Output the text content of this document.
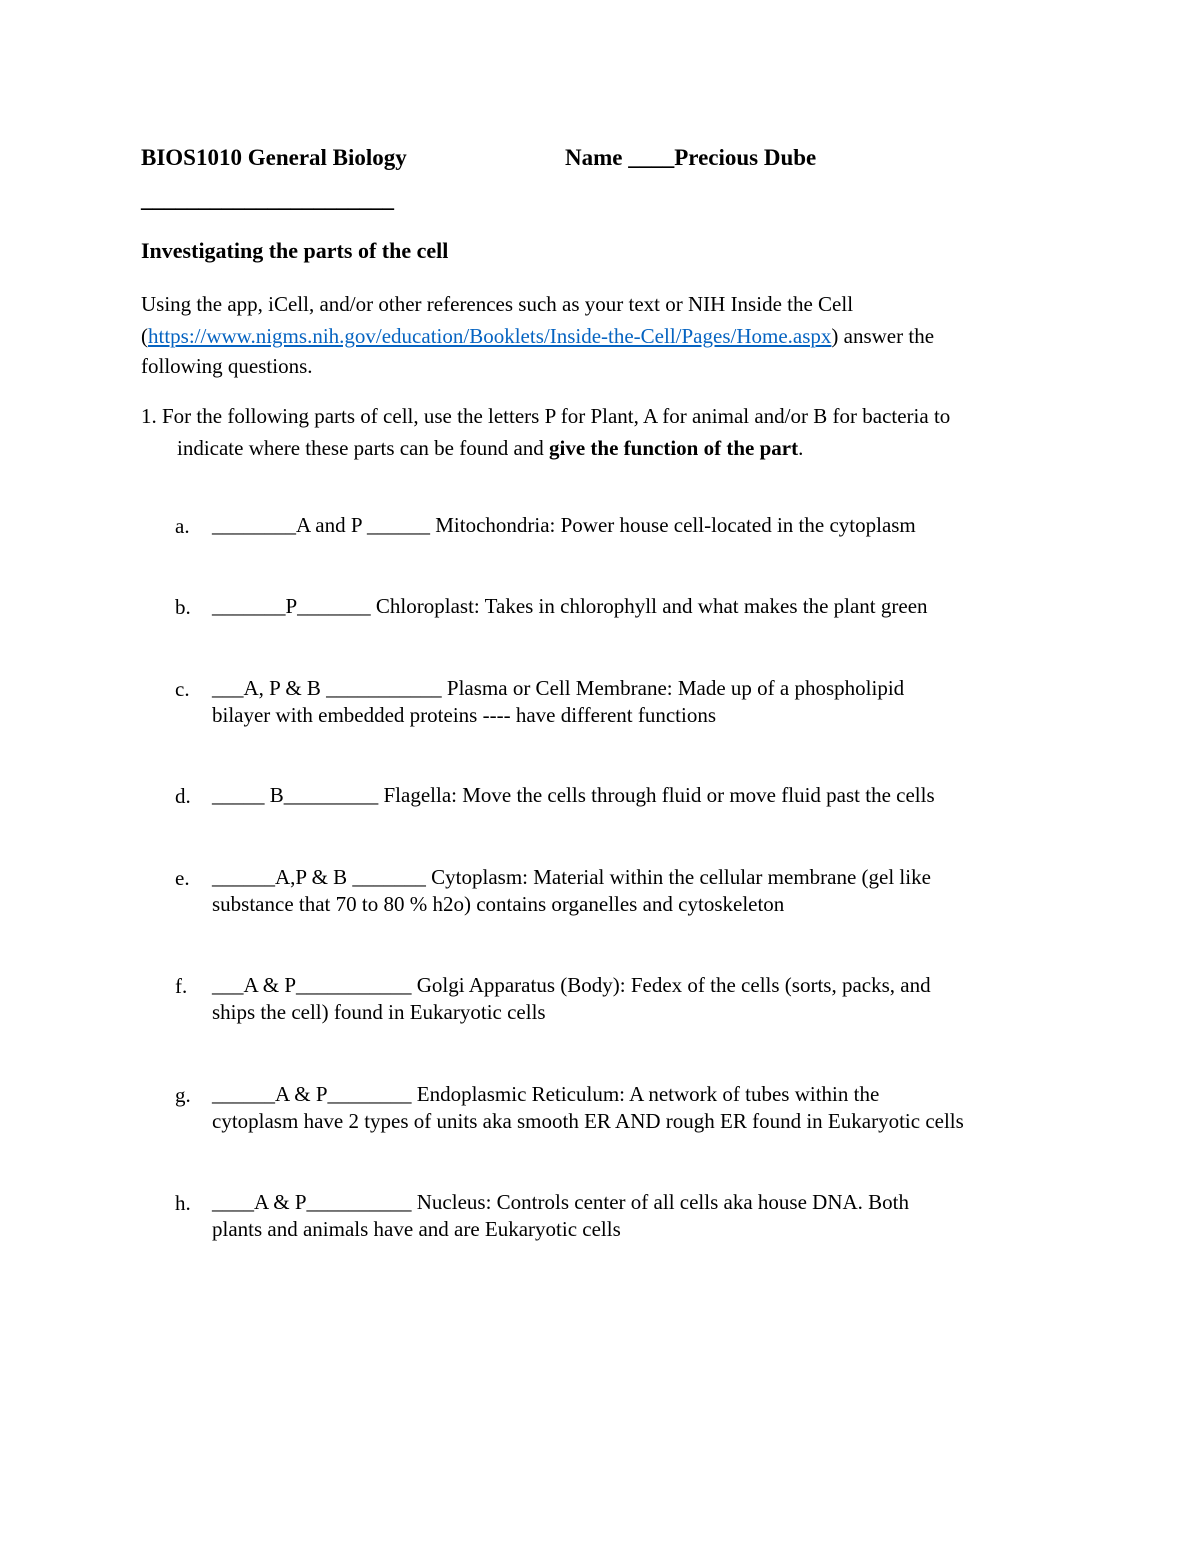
BIOS1010 General Biology	Name ____Precious Dube
______________________
Investigating the parts of the cell
Using the app, iCell, and/or other references such as your text or NIH Inside the Cell
(https://www.nigms.nih.gov/education/Booklets/Inside-the-Cell/Pages/Home.aspx) answer the
following questions.
1. For the following parts of cell, use the letters P for Plant, A for animal and/or B for bacteria to
indicate where these parts can be found and give the function of the part.
a. ________A and P ______ Mitochondria: Power house cell-located in the cytoplasm
b. _______P_______ Chloroplast: Takes in chlorophyll and what makes the plant green
c. ___A, P & B ___________ Plasma or Cell Membrane: Made up of a phospholipid
bilayer with embedded proteins ---- have different functions
d. _____ B_________ Flagella: Move the cells through fluid or move fluid past the cells
e. ______A,P & B _______ Cytoplasm: Material within the cellular membrane (gel like
substance that 70 to 80 % h2o) contains organelles and cytoskeleton
f. ___A & P___________ Golgi Apparatus (Body): Fedex of the cells (sorts, packs, and
ships the cell) found in Eukaryotic cells
g. ______A & P________ Endoplasmic Reticulum: A network of tubes within the
cytoplasm have 2 types of units aka smooth ER AND rough ER found in Eukaryotic cells
h. ____A & P__________ Nucleus: Controls center of all cells aka house DNA. Both
plants and animals have and are Eukaryotic cells
